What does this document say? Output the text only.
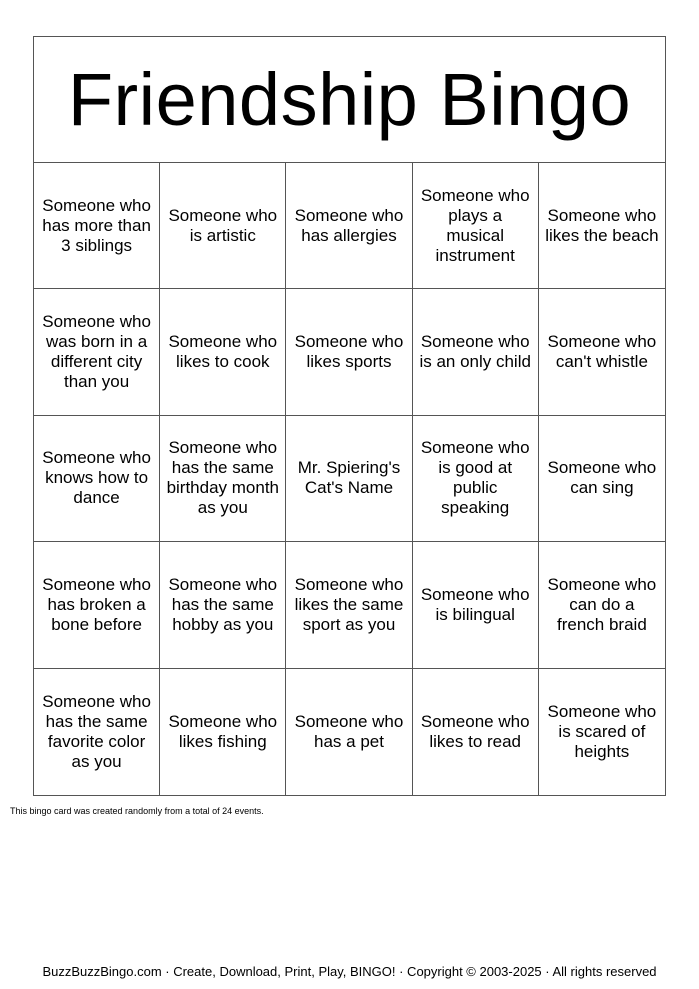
Friendship Bingo
Someone who has more than 3 siblings
Someone who is artistic
Someone who has allergies
Someone who plays a musical instrument
Someone who likes the beach
Someone who was born in a different city than you
Someone who likes to cook
Someone who likes sports
Someone who is an only child
Someone who can't whistle
Someone who knows how to dance
Someone who has the same birthday month as you
Mr. Spiering's Cat's Name
Someone who is good at public speaking
Someone who can sing
Someone who has broken a bone before
Someone who has the same hobby as you
Someone who likes the same sport as you
Someone who is bilingual
Someone who can do a french braid
Someone who has the same favorite color as you
Someone who likes fishing
Someone who has a pet
Someone who likes to read
Someone who is scared of heights
This bingo card was created randomly from a total of 24 events.
BuzzBuzzBingo.com · Create, Download, Print, Play, BINGO! · Copyright © 2003-2025 · All rights reserved
